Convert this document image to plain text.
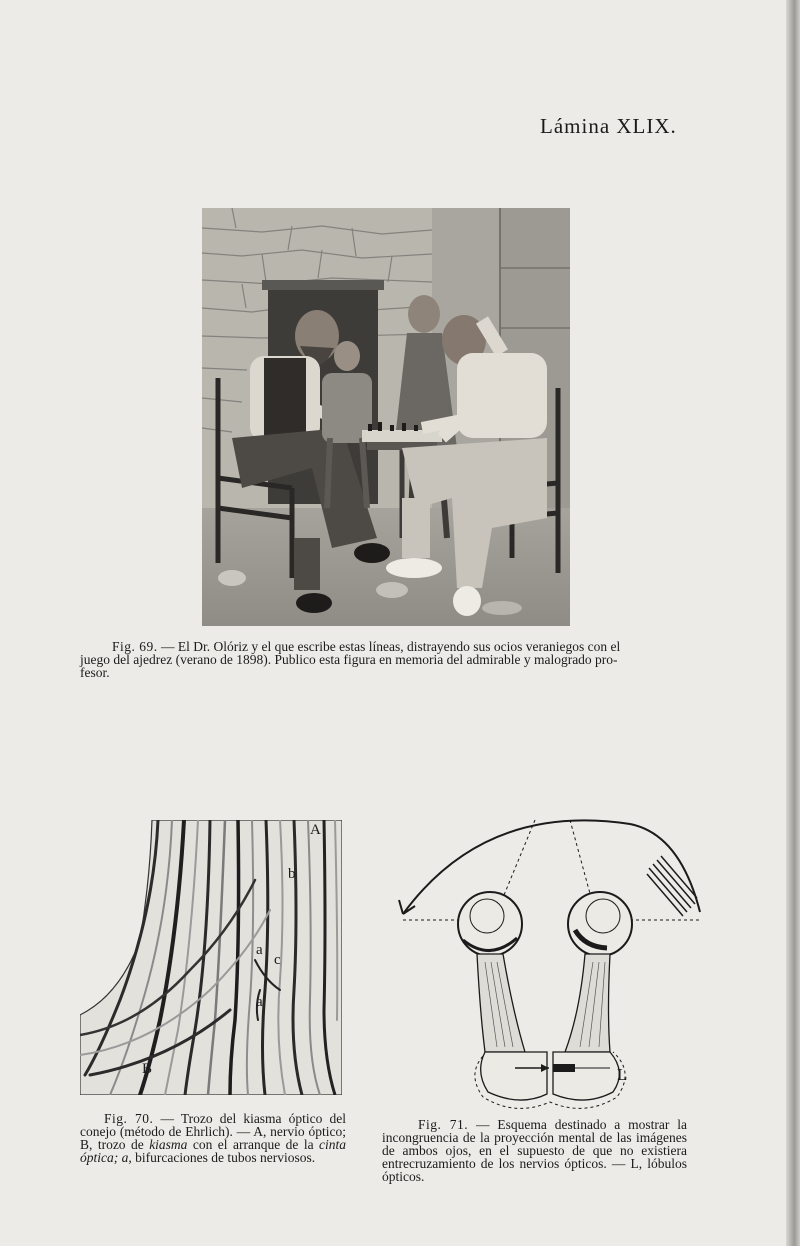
Lámina XLIX.
Fig. 69. — El Dr. Olóriz y el que escribe estas líneas, distrayendo sus ocios veraniegos con el
juego del ajedrez (verano de 1898). Publico esta figura en memoria del admirable y malogrado pro-
fesor.
A
B
b
c
a
a
Fig. 70. — Trozo del kiasma óptico del conejo (método de Ehrlich). — A, nervio óptico; B, trozo de kiasma con el arranque de la cinta óptica; a, bifurcaciones de tubos nerviosos.
L
Fig. 71. — Esquema destinado a mostrar la incongruencia de la proyección mental de las imágenes de ambos ojos, en el supuesto de que no existiera entrecruzamiento de los nervios ópticos. — L, lóbulos ópticos.
